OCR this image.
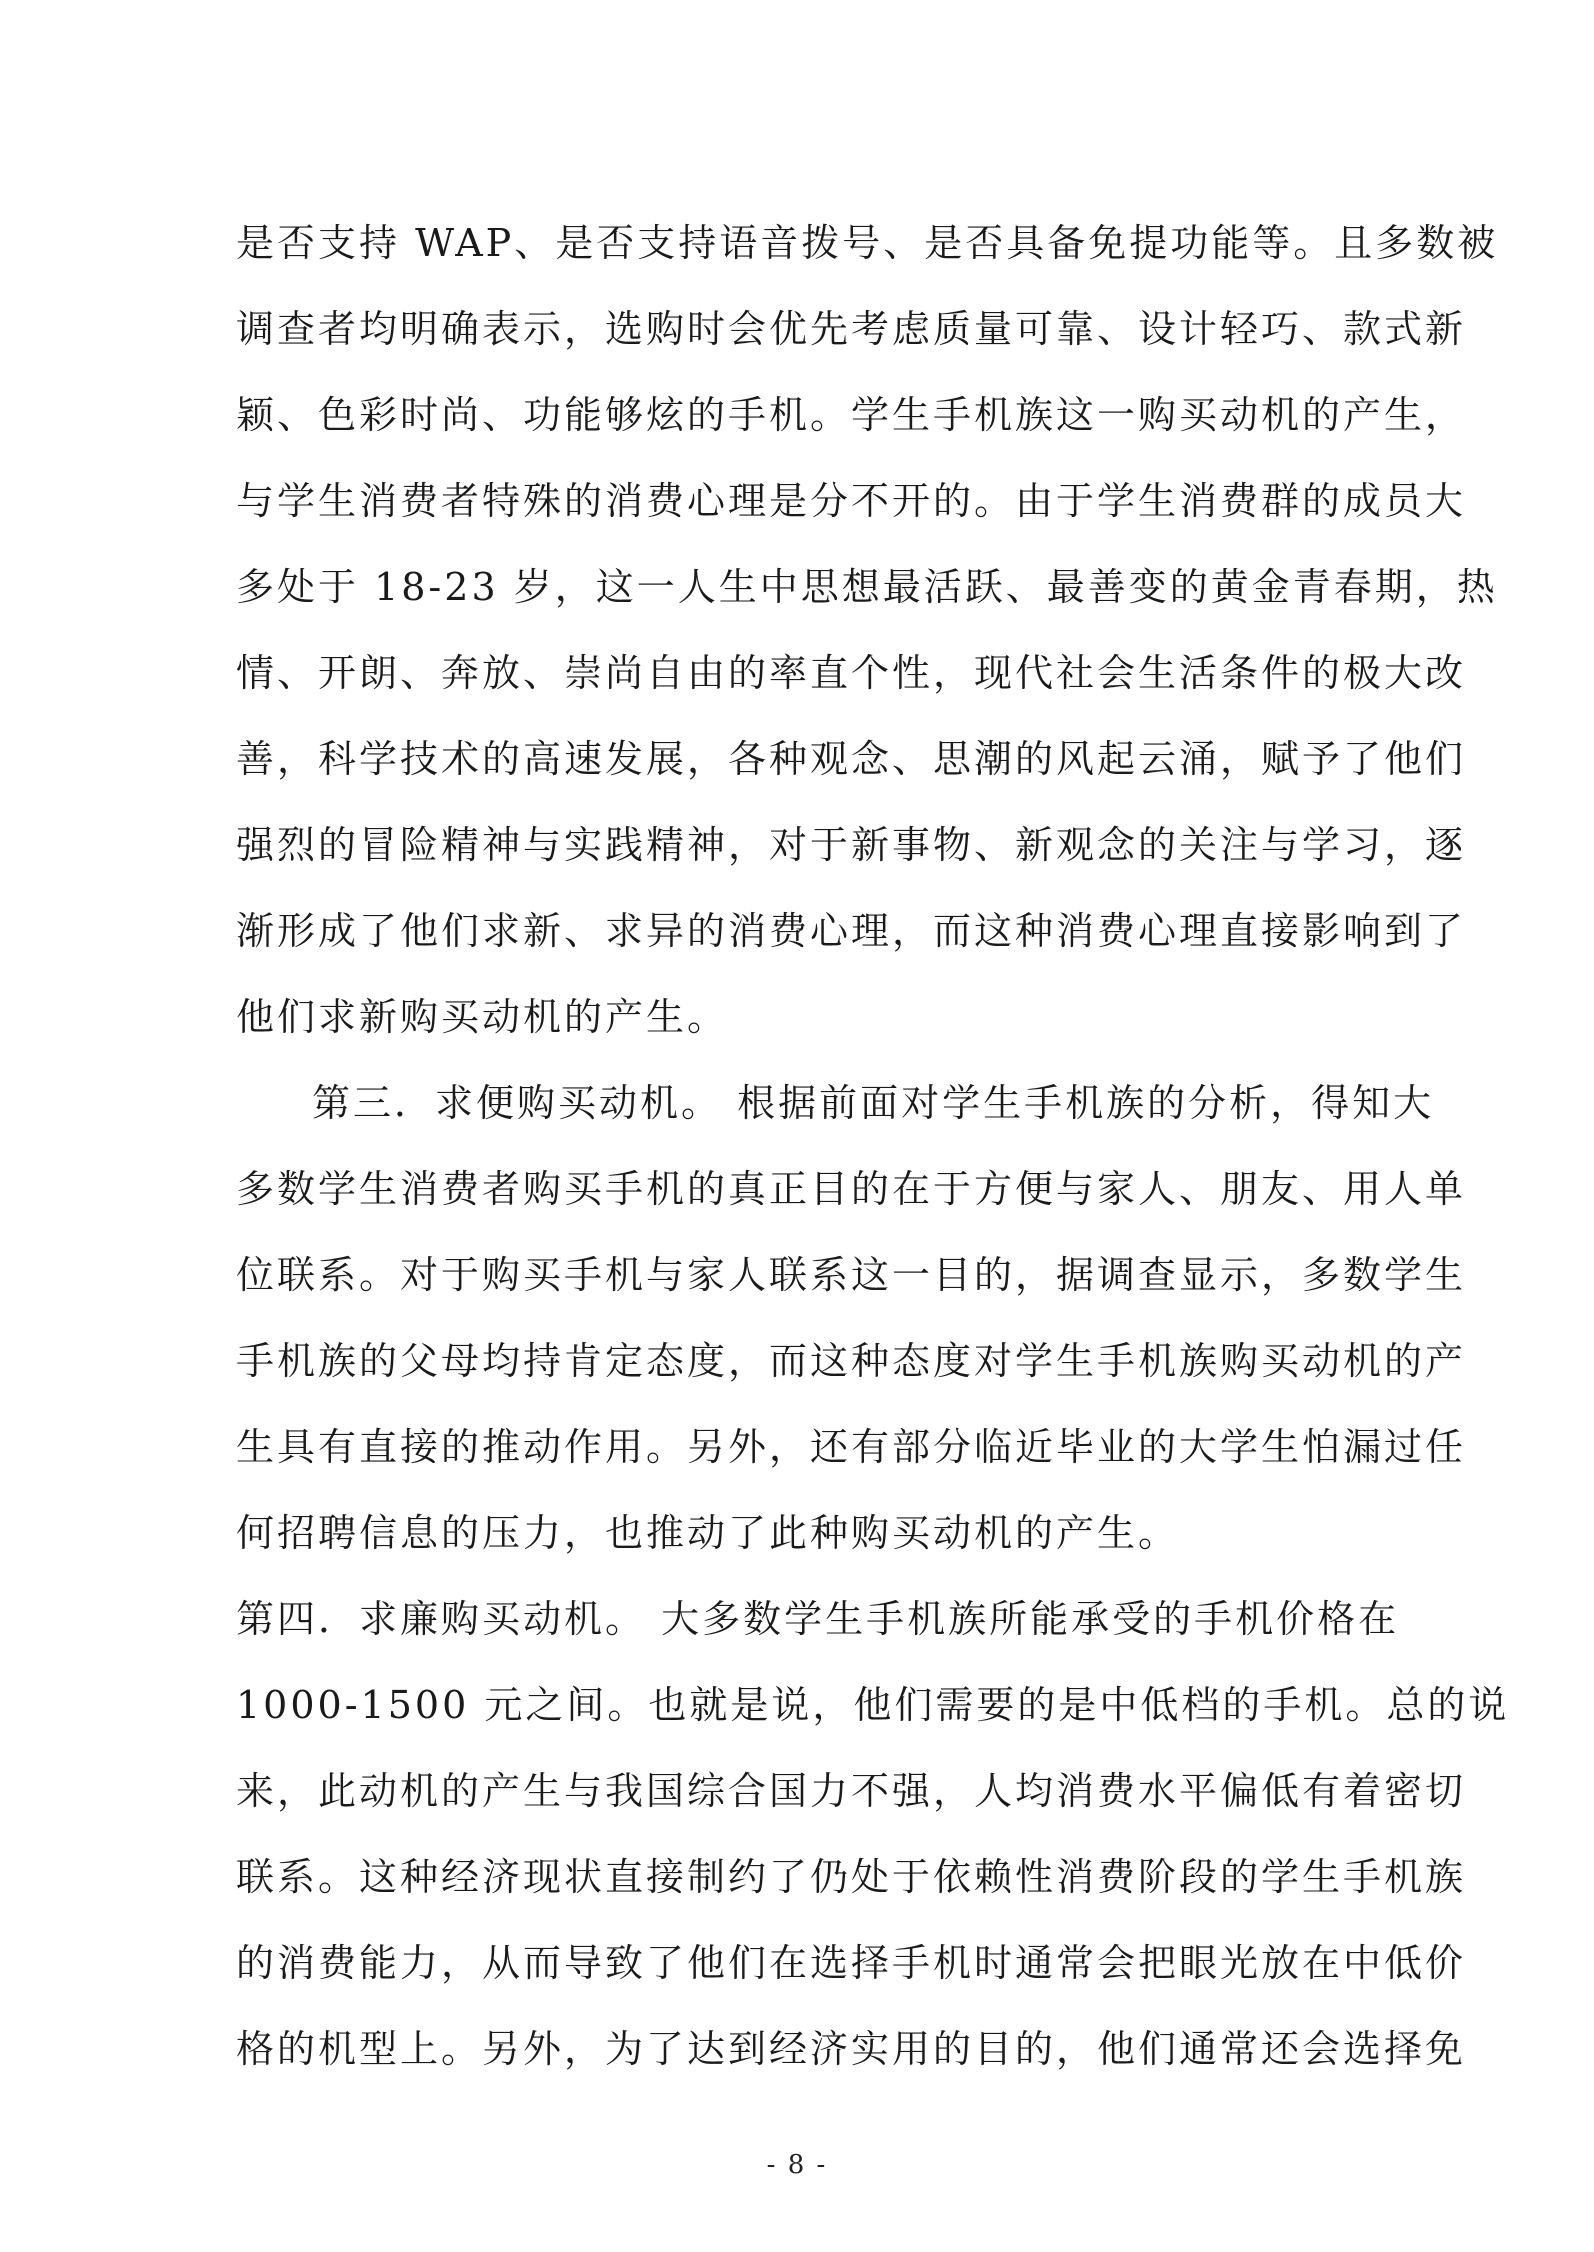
是否支持 WAP、是否支持语音拨号、是否具备免提功能等。且多数被
调查者均明确表示，选购时会优先考虑质量可靠、设计轻巧、款式新
颖、色彩时尚、功能够炫的手机。学生手机族这一购买动机的产生，
与学生消费者特殊的消费心理是分不开的。由于学生消费群的成员大
多处于 18-23 岁，这一人生中思想最活跃、最善变的黄金青春期，热
情、开朗、奔放、崇尚自由的率直个性，现代社会生活条件的极大改
善，科学技术的高速发展，各种观念、思潮的风起云涌，赋予了他们
强烈的冒险精神与实践精神，对于新事物、新观念的关注与学习，逐
渐形成了他们求新、求异的消费心理，而这种消费心理直接影响到了
他们求新购买动机的产生。
第三．求便购买动机。 根据前面对学生手机族的分析，得知大
多数学生消费者购买手机的真正目的在于方便与家人、朋友、用人单
位联系。对于购买手机与家人联系这一目的，据调查显示，多数学生
手机族的父母均持肯定态度，而这种态度对学生手机族购买动机的产
生具有直接的推动作用。另外，还有部分临近毕业的大学生怕漏过任
何招聘信息的压力，也推动了此种购买动机的产生。
第四．求廉购买动机。 大多数学生手机族所能承受的手机价格在
1000-1500 元之间。也就是说，他们需要的是中低档的手机。总的说
来，此动机的产生与我国综合国力不强，人均消费水平偏低有着密切
联系。这种经济现状直接制约了仍处于依赖性消费阶段的学生手机族
的消费能力，从而导致了他们在选择手机时通常会把眼光放在中低价
格的机型上。另外，为了达到经济实用的目的，他们通常还会选择免
- 8 -
